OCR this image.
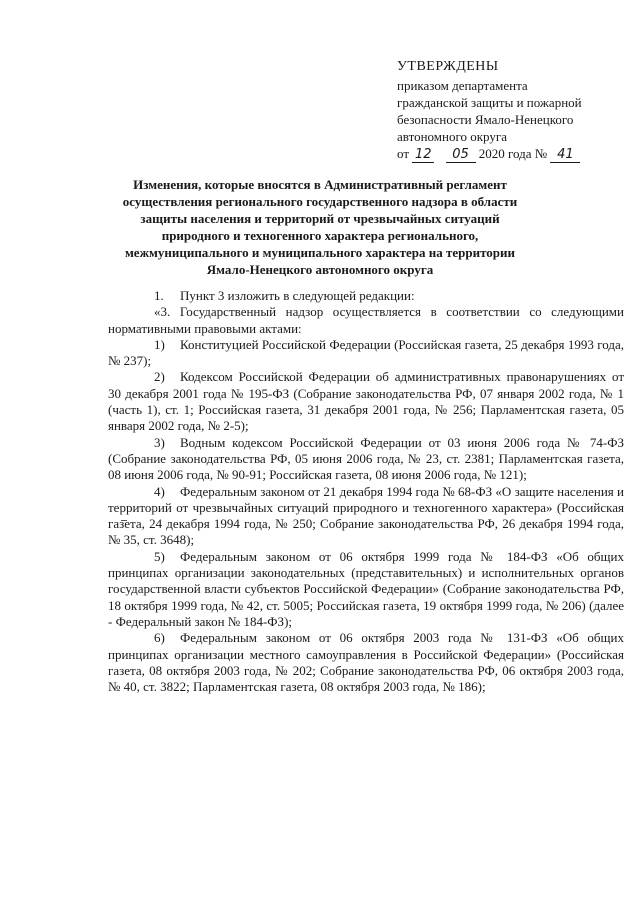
УТВЕРЖДЕНЫ
приказом департамента
гражданской защиты и пожарной
безопасности Ямало-Ненецкого
автономного округа
от 12 05 2020 года № 41
Изменения, которые вносятся в Административный регламент осуществления регионального государственного надзора в области защиты населения и территорий от чрезвычайных ситуаций природного и техногенного характера регионального, межмуниципального и муниципального характера на территории Ямало-Ненецкого автономного округа

1. Пункт 3 изложить в следующей редакции:

«3. Государственный надзор осуществляется в соответствии со следующими нормативными правовыми актами:

1) Конституцией Российской Федерации (Российская газета, 25 декабря 1993 года, № 237);

2) Кодексом Российской Федерации об административных правонарушениях от 30 декабря 2001 года № 195-ФЗ (Собрание законодательства РФ, 07 января 2002 года, № 1 (часть 1), ст. 1; Российская газета, 31 декабря 2001 года, № 256; Парламентская газета, 05 января 2002 года, № 2-5);

3) Водным кодексом Российской Федерации от 03 июня 2006 года № 74-ФЗ (Собрание законодательства РФ, 05 июня 2006 года, № 23, ст. 2381; Парламентская газета, 08 июня 2006 года, № 90-91; Российская газета, 08 июня 2006 года, № 121);

4) Федеральным законом от 21 декабря 1994 года № 68-ФЗ «О защите населения и территорий от чрезвычайных ситуаций природного и техногенного характера» (Российская газета, 24 декабря 1994 года, № 250; Собрание законодательства РФ, 26 декабря 1994 года, № 35, ст. 3648);

5) Федеральным законом от 06 октября 1999 года № 184-ФЗ «Об общих принципах организации законодательных (представительных) и исполнительных органов государственной власти субъектов Российской Федерации» (Собрание законодательства РФ, 18 октября 1999 года, № 42, ст. 5005; Российская газета, 19 октября 1999 года, № 206) (далее - Федеральный закон № 184-ФЗ);

6) Федеральным законом от 06 октября 2003 года № 131-ФЗ «Об общих принципах организации местного самоуправления в Российской Федерации» (Российская газета, 08 октября 2003 года, № 202; Собрание законодательства РФ, 06 октября 2003 года, № 40, ст. 3822; Парламентская газета, 08 октября 2003 года, № 186);
